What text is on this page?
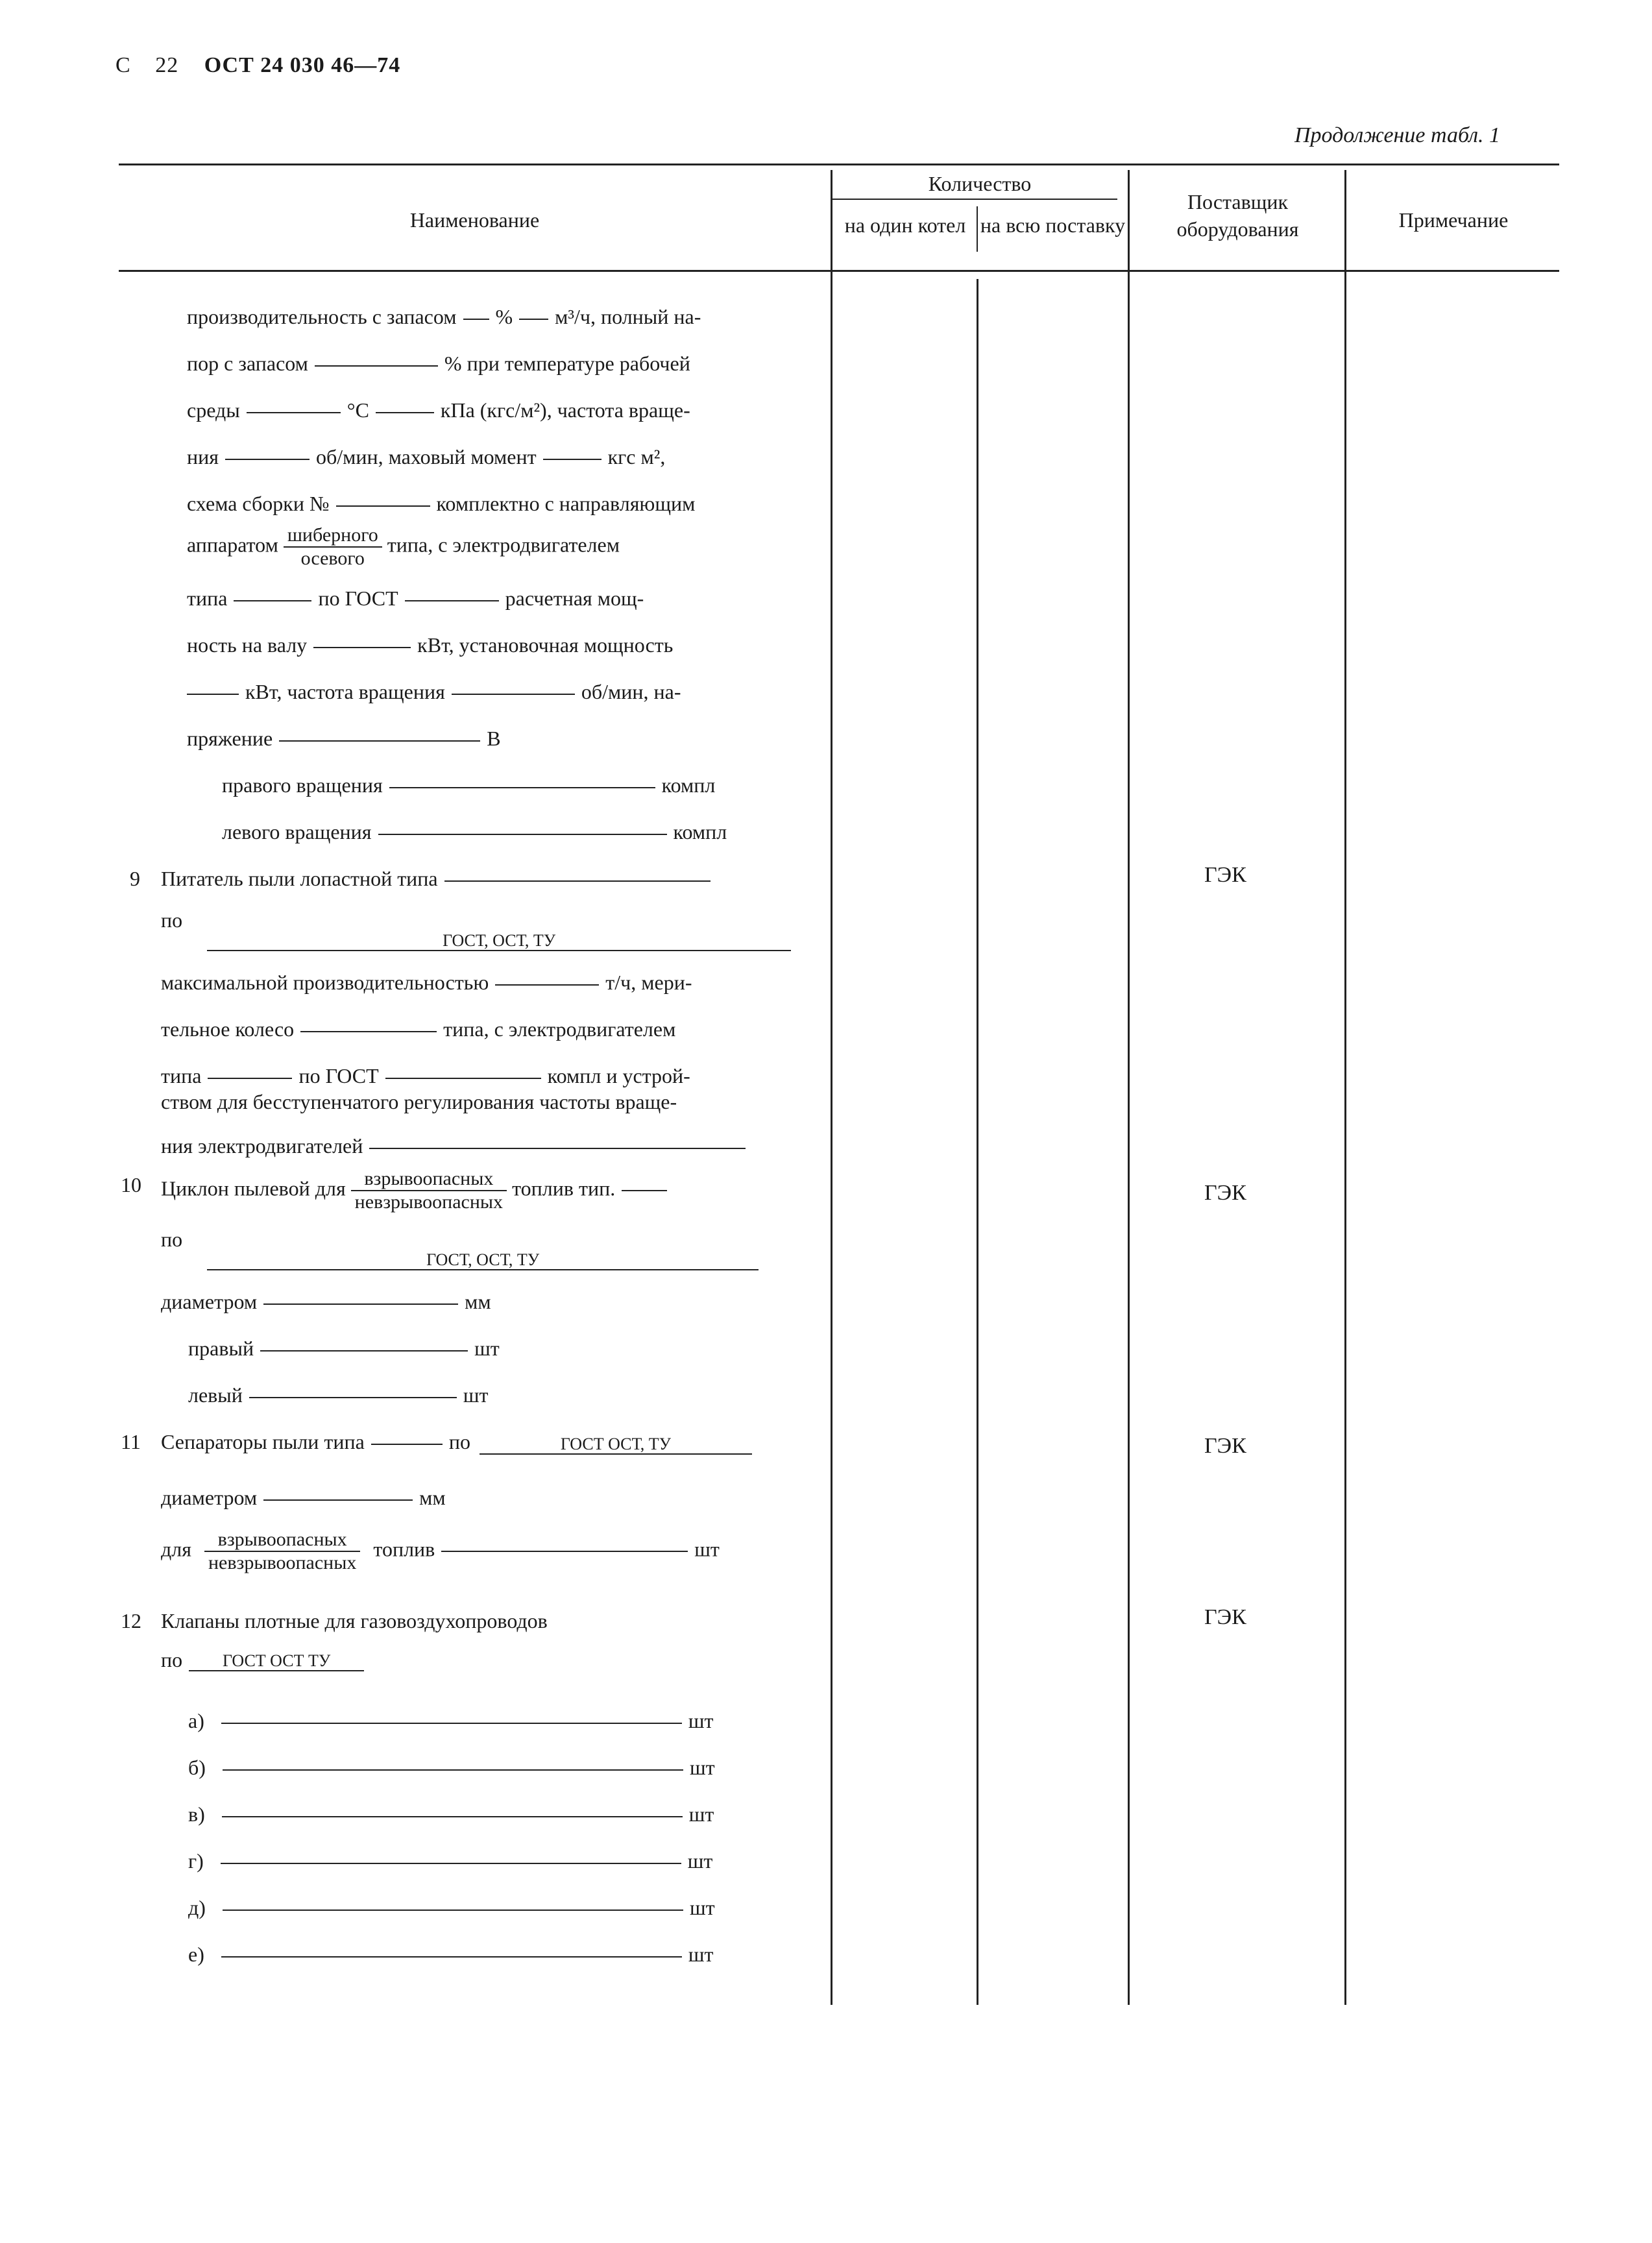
С 22 ОСТ 24 030 46—74
Продолжение табл. 1
Наименование
Количество
на один котел на всю поставку
Поставщик оборудования	Примечание
производительность с запасом % м³/ч, полный на-
пор с запасом	% при температуре рабочей
среды	°С	кПа (кгс/м²), частота враще-
ния	об/мин, маховый момент	кгс м²,
схема сборки №	комплектно с направляющим
аппаратом $\frac{\text{шиберного}}{\text{осевого}}$ типа, с электродвигателем
типа	по ГОСТ	расчетная мощ-
ность на валу	кВт, установочная мощность
кВт, частота вращения	об/мин, на-
пряжение	В
правого вращения	компл
левого вращения	компл
9 Питатель пыли лопастной типа	ГЭК
по
ГОСТ, ОСТ, ТУ
максимальной производительностью	т/ч, мери-
тельное колесо	типа, с электродвигателем
типа	по ГОСТ	компл и устрой-
ством для бесступенчатого регулирования частоты враще-
ния электродвигателей
10 Циклон пылевой для $\frac{\text{взрывоопасных}}{\text{невзрывоопасных}}$ топлив тип.	ГЭК
по
ГОСТ, ОСТ, ТУ
диаметром	мм
правый	шт
левый	шт
11 Сепараторы пыли типа	по	ГОСТ ОСТ, ТУ	ГЭК
диаметром	мм
для $\frac{\text{взрывоопасных}}{\text{невзрывоопасных}}$ топлив	шт
12 Клапаны плотные для газовоздухопроводов	ГЭК
по	ГОСТ ОСТ ТУ
а)	шт
б)	шт
в)	шт
г)	шт
д)	шт
е)	шт
